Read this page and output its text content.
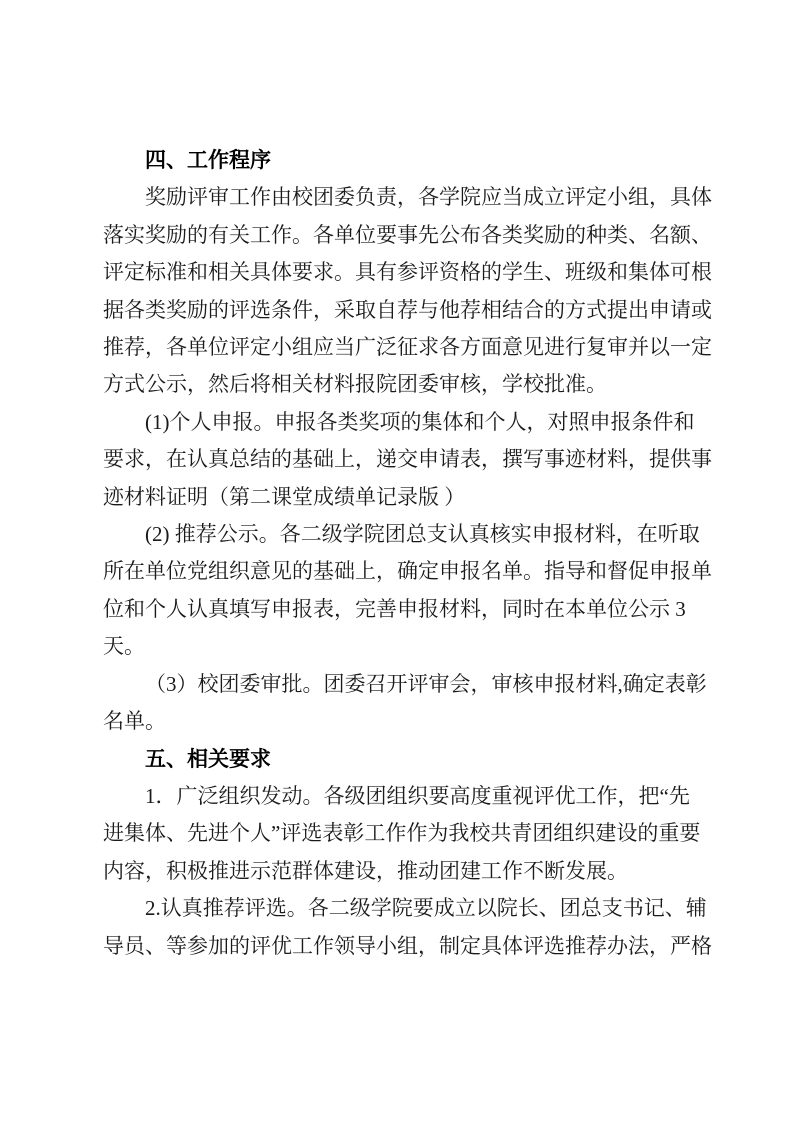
四、工作程序
奖励评审工作由校团委负责，各学院应当成立评定小组，具体
落实奖励的有关工作。各单位要事先公布各类奖励的种类、名额、
评定标准和相关具体要求。具有参评资格的学生、班级和集体可根
据各类奖励的评选条件，采取自荐与他荐相结合的方式提出申请或
推荐，各单位评定小组应当广泛征求各方面意见进行复审并以一定
方式公示，然后将相关材料报院团委审核，学校批准。
(1)个人申报。申报各类奖项的集体和个人，对照申报条件和
要求，在认真总结的基础上，递交申请表，撰写事迹材料，提供事
迹材料证明（第二课堂成绩单记录版 ）
(2) 推荐公示。各二级学院团总支认真核实申报材料，在听取
所在单位党组织意见的基础上，确定申报名单。指导和督促申报单
位和个人认真填写申报表，完善申报材料，同时在本单位公示 3
天。
（3）校团委审批。团委召开评审会，审核申报材料,确定表彰
名单。
五、相关要求
1．广泛组织发动。各级团组织要高度重视评优工作，把“先
进集体、先进个人”评选表彰工作作为我校共青团组织建设的重要
内容，积极推进示范群体建设，推动团建工作不断发展。
2.认真推荐评选。各二级学院要成立以院长、团总支书记、辅
导员、等参加的评优工作领导小组，制定具体评选推荐办法，严格
